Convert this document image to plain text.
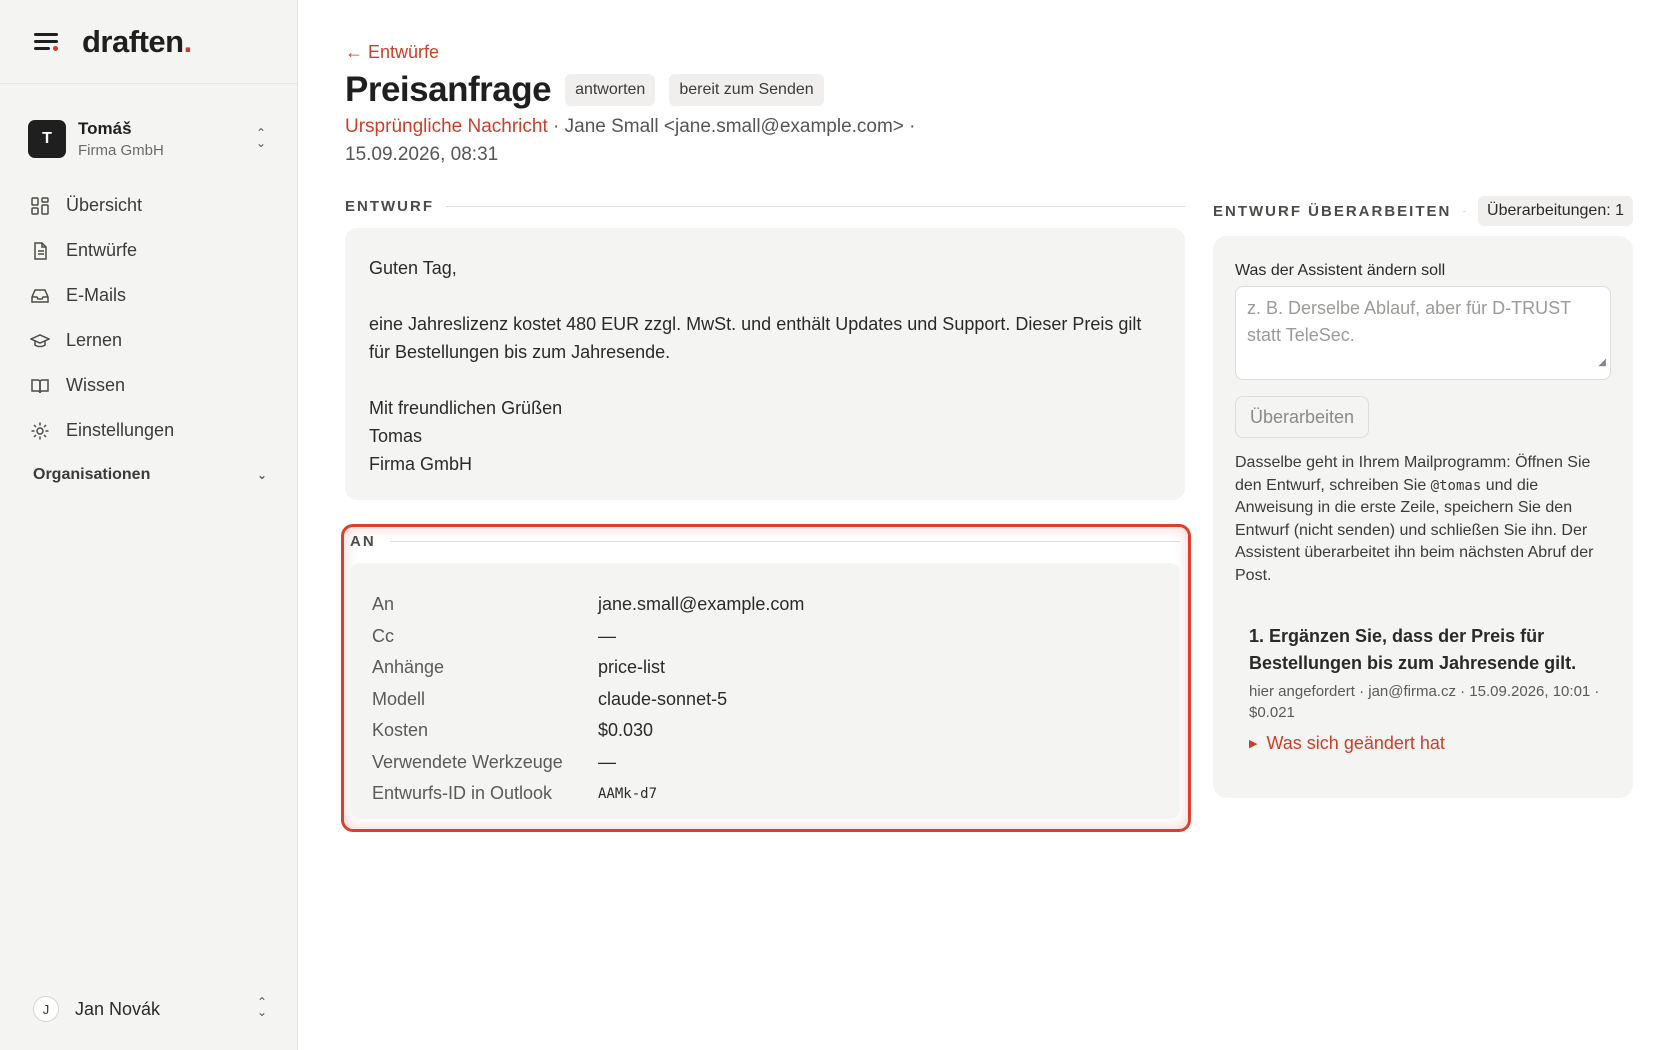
draften.
T
Tomáš
Firma GmbH
⌃
⌄
Übersicht
Entwürfe
E-Mails
Lernen
Wissen
Einstellungen
Organisationen	⌄
J	Jan Novák	⌃
⌄
← Entwürfe
Preisanfrage	antworten	bereit zum Senden
Ursprüngliche Nachricht · Jane Small <jane.small@example.com> · 15.09.2026, 08:31
ENTWURF

Guten Tag,

eine Jahreslizenz kostet 480 EUR zzgl. MwSt. und enthält Updates und Support. Dieser Preis gilt für Bestellungen bis zum Jahresende.

Mit freundlichen Grüßen

Tomas

Firma GmbH

AN
An	jane.small@example.com
Cc	—
Anhänge	price-list
Modell	claude-sonnet-5
Kosten	$0.030
Verwendete Werkzeuge	—
Entwurfs-ID in Outlook	AAMk-d7
ENTWURF ÜBERARBEITEN	Überarbeitungen: 1
Was der Assistent ändern soll
z. B. Derselbe Ablauf, aber für D-TRUST statt TeleSec.
◢
Überarbeiten

Dasselbe geht in Ihrem Mailprogramm: Öffnen Sie den Entwurf, schreiben Sie @tomas und die Anweisung in die erste Zeile, speichern Sie den Entwurf (nicht senden) und schließen Sie ihn. Der Assistent überarbeitet ihn beim nächsten Abruf der Post.

1. Ergänzen Sie, dass der Preis für Bestellungen bis zum Jahresende gilt.
hier angefordert · jan@firma.cz · 15.09.2026, 10:01 · $0.021
▶ Was sich geändert hat
